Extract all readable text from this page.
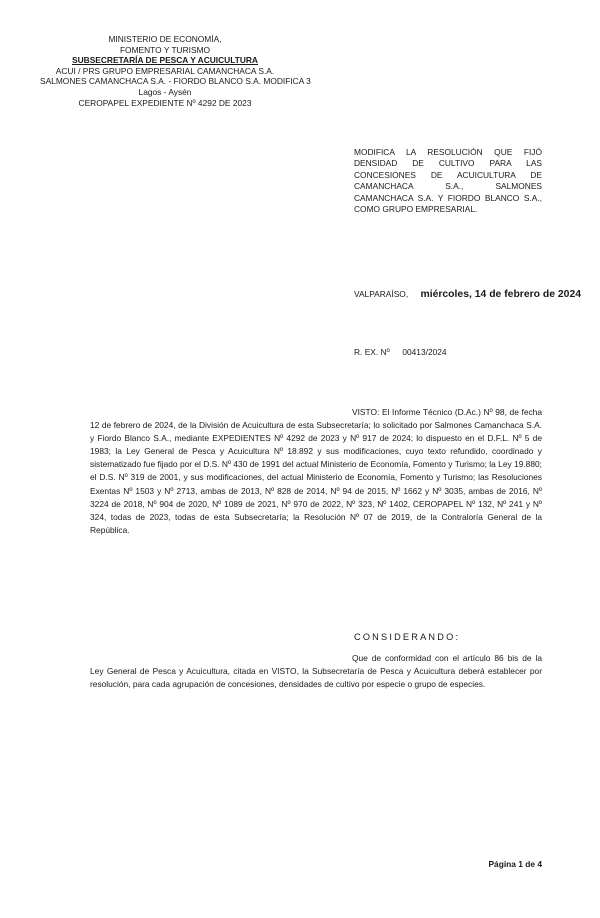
MINISTERIO DE ECONOMÍA,
FOMENTO Y TURISMO
SUBSECRETARÍA DE PESCA Y ACUICULTURA
ACUI / PRS GRUPO EMPRESARIAL CAMANCHACA S.A.
SALMONES CAMANCHACA S.A. - FIORDO BLANCO S.A. MODIFICA 3
Lagos - Aysén
CEROPAPEL EXPEDIENTE Nº 4292 DE 2023
MODIFICA LA RESOLUCIÓN QUE FIJÓ DENSIDAD DE CULTIVO PARA LAS CONCESIONES DE ACUICULTURA DE CAMANCHACA S.A., SALMONES CAMANCHACA S.A. Y FIORDO BLANCO S.A., COMO GRUPO EMPRESARIAL.
VALPARAÍSO, miércoles, 14 de febrero de 2024
R. EX. Nº 00413/2024
VISTO: El Informe Técnico (D.Ac.) Nº 98, de fecha 12 de febrero de 2024, de la División de Acuicultura de esta Subsecretaría; lo solicitado por Salmones Camanchaca S.A. y Fiordo Blanco S.A., mediante EXPEDIENTES Nº 4292 de 2023 y Nº 917 de 2024; lo dispuesto en el D.F.L. Nº 5 de 1983; la Ley General de Pesca y Acuicultura Nº 18.892 y sus modificaciones, cuyo texto refundido, coordinado y sistematizado fue fijado por el D.S. Nº 430 de 1991 del actual Ministerio de Economía, Fomento y Turismo; la Ley 19.880; el D.S. Nº 319 de 2001, y sus modificaciones, del actual Ministerio de Economía, Fomento y Turismo; las Resoluciones Exentas Nº 1503 y Nº 2713, ambas de 2013, Nº 828 de 2014, Nº 94 de 2015, Nº 1662 y Nº 3035, ambas de 2016, Nº 3224 de 2018, Nº 904 de 2020, Nº 1089 de 2021, Nº 970 de 2022, Nº 323, Nº 1402, CEROPAPEL Nº 132, Nº 241 y Nº 324, todas de 2023, todas de esta Subsecretaría; la Resolución Nº 07 de 2019, de la Contraloría General de la República.
CONSIDERANDO:
Que de conformidad con el artículo 86 bis de la Ley General de Pesca y Acuicultura, citada en VISTO, la Subsecretaría de Pesca y Acuicultura deberá establecer por resolución, para cada agrupación de concesiones, densidades de cultivo por especie o grupo de especies.
Página 1 de 4
